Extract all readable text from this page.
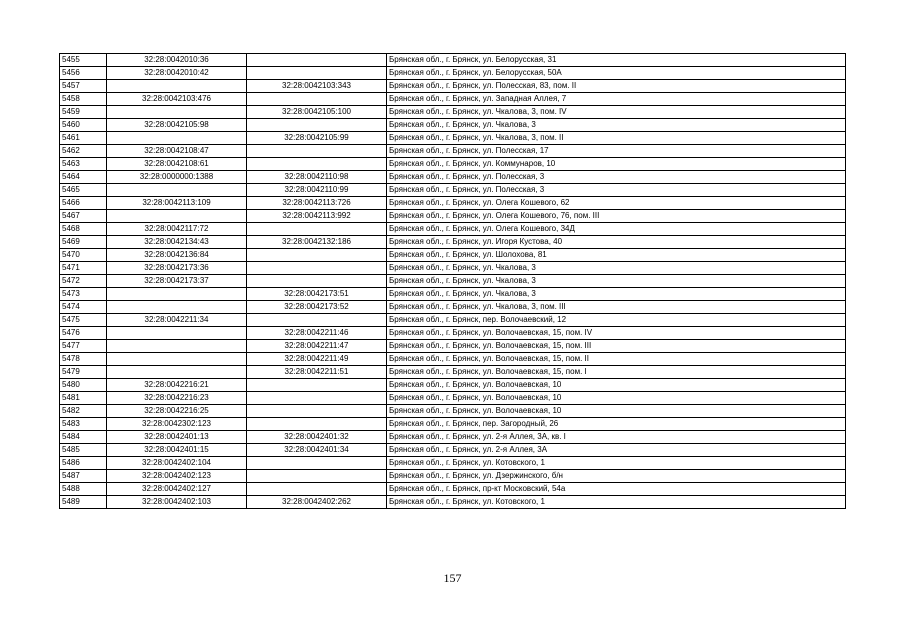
5455	32:28:0042010:36		Брянская обл., г. Брянск, ул. Белорусская, 31
5456	32:28:0042010:42		Брянская обл., г. Брянск, ул. Белорусская, 50А
5457		32:28:0042103:343	Брянская обл., г. Брянск, ул. Полесская, 83, пом. II
5458	32:28:0042103:476		Брянская обл., г. Брянск, ул. Западная Аллея, 7
5459		32:28:0042105:100	Брянская обл., г. Брянск, ул. Чкалова, 3, пом. IV
5460	32:28:0042105:98		Брянская обл., г. Брянск, ул. Чкалова, 3
5461		32:28:0042105:99	Брянская обл., г. Брянск, ул. Чкалова, 3, пом. II
5462	32:28:0042108:47		Брянская обл., г. Брянск, ул. Полесская, 17
5463	32:28:0042108:61		Брянская обл., г. Брянск, ул. Коммунаров, 10
5464	32:28:0000000:1388	32:28:0042110:98	Брянская обл., г. Брянск, ул. Полесская, 3
5465		32:28:0042110:99	Брянская обл., г. Брянск, ул. Полесская, 3
5466	32:28:0042113:109	32:28:0042113:726	Брянская обл., г. Брянск, ул. Олега Кошевого, 62
5467		32:28:0042113:992	Брянская обл., г. Брянск, ул. Олега Кошевого, 76, пом. III
5468	32:28:0042117:72		Брянская обл., г. Брянск, ул. Олега Кошевого, 34Д
5469	32:28:0042134:43	32:28:0042132:186	Брянская обл., г. Брянск, ул. Игоря Кустова, 40
5470	32:28:0042136:84		Брянская обл., г. Брянск, ул. Шолохова, 81
5471	32:28:0042173:36		Брянская обл., г. Брянск, ул. Чкалова, 3
5472	32:28:0042173:37		Брянская обл., г. Брянск, ул. Чкалова, 3
5473		32:28:0042173:51	Брянская обл., г. Брянск, ул. Чкалова, 3
5474		32:28:0042173:52	Брянская обл., г. Брянск, ул. Чкалова, 3, пом. III
5475	32:28:0042211:34		Брянская обл., г. Брянск, пер. Волочаевский, 12
5476		32:28:0042211:46	Брянская обл., г. Брянск, ул. Волочаевская, 15, пом. IV
5477		32:28:0042211:47	Брянская обл., г. Брянск, ул. Волочаевская, 15, пом. III
5478		32:28:0042211:49	Брянская обл., г. Брянск, ул. Волочаевская, 15, пом. II
5479		32:28:0042211:51	Брянская обл., г. Брянск, ул. Волочаевская, 15, пом. I
5480	32:28:0042216:21		Брянская обл., г. Брянск, ул. Волочаевская, 10
5481	32:28:0042216:23		Брянская обл., г. Брянск, ул. Волочаевская, 10
5482	32:28:0042216:25		Брянская обл., г. Брянск, ул. Волочаевская, 10
5483	32:28:0042302:123		Брянская обл., г. Брянск, пер. Загородный, 26
5484	32:28:0042401:13	32:28:0042401:32	Брянская обл., г. Брянск, ул. 2-я Аллея, 3А, кв. I
5485	32:28:0042401:15	32:28:0042401:34	Брянская обл., г. Брянск, ул. 2-я Аллея, 3А
5486	32:28:0042402:104		Брянская обл., г. Брянск, ул. Котовского, 1
5487	32:28:0042402:123		Брянская обл., г. Брянск, ул. Дзержинского, б/н
5488	32:28:0042402:127		Брянская обл., г. Брянск, пр-кт Московский, 54а
5489	32:28:0042402:103	32:28:0042402:262	Брянская обл., г. Брянск, ул. Котовского, 1
157
